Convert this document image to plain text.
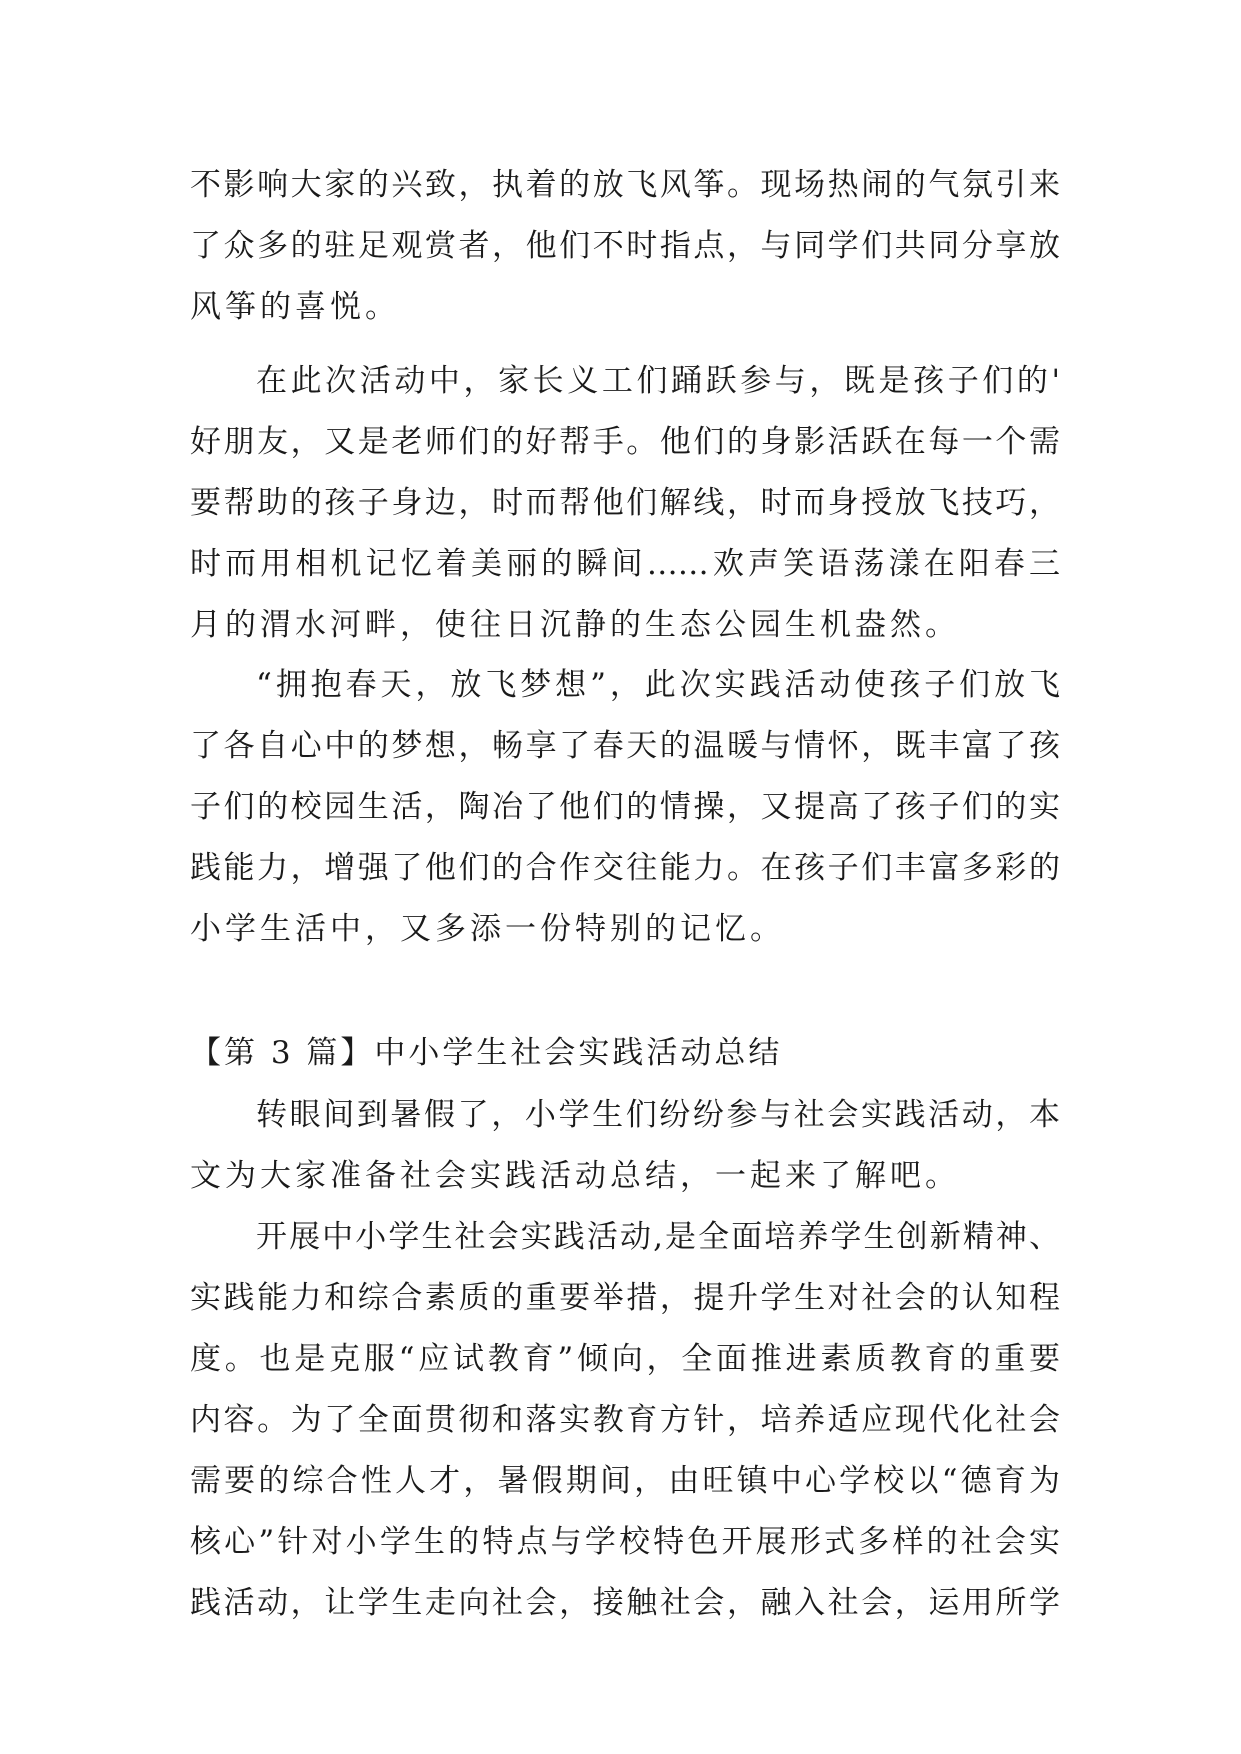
不影响大家的兴致，执着的放飞风筝。现场热闹的气氛引来
了众多的驻足观赏者，他们不时指点，与同学们共同分享放
风筝的喜悦。
在此次活动中，家长义工们踊跃参与，既是孩子们的'
好朋友，又是老师们的好帮手。他们的身影活跃在每一个需
要帮助的孩子身边，时而帮他们解线，时而身授放飞技巧，
时而用相机记忆着美丽的瞬间……欢声笑语荡漾在阳春三
月的渭水河畔，使往日沉静的生态公园生机盎然。
“拥抱春天，放飞梦想”，此次实践活动使孩子们放飞
了各自心中的梦想，畅享了春天的温暖与情怀，既丰富了孩
子们的校园生活，陶冶了他们的情操，又提高了孩子们的实
践能力，增强了他们的合作交往能力。在孩子们丰富多彩的
小学生活中，又多添一份特别的记忆。
【第 3 篇】中小学生社会实践活动总结
转眼间到暑假了，小学生们纷纷参与社会实践活动，本
文为大家准备社会实践活动总结，一起来了解吧。
开展中小学生社会实践活动,是全面培养学生创新精神、
实践能力和综合素质的重要举措，提升学生对社会的认知程
度。也是克服“应试教育”倾向，全面推进素质教育的重要
内容。为了全面贯彻和落实教育方针，培养适应现代化社会
需要的综合性人才，暑假期间，由旺镇中心学校以“德育为
核心”针对小学生的特点与学校特色开展形式多样的社会实
践活动，让学生走向社会，接触社会，融入社会，运用所学
